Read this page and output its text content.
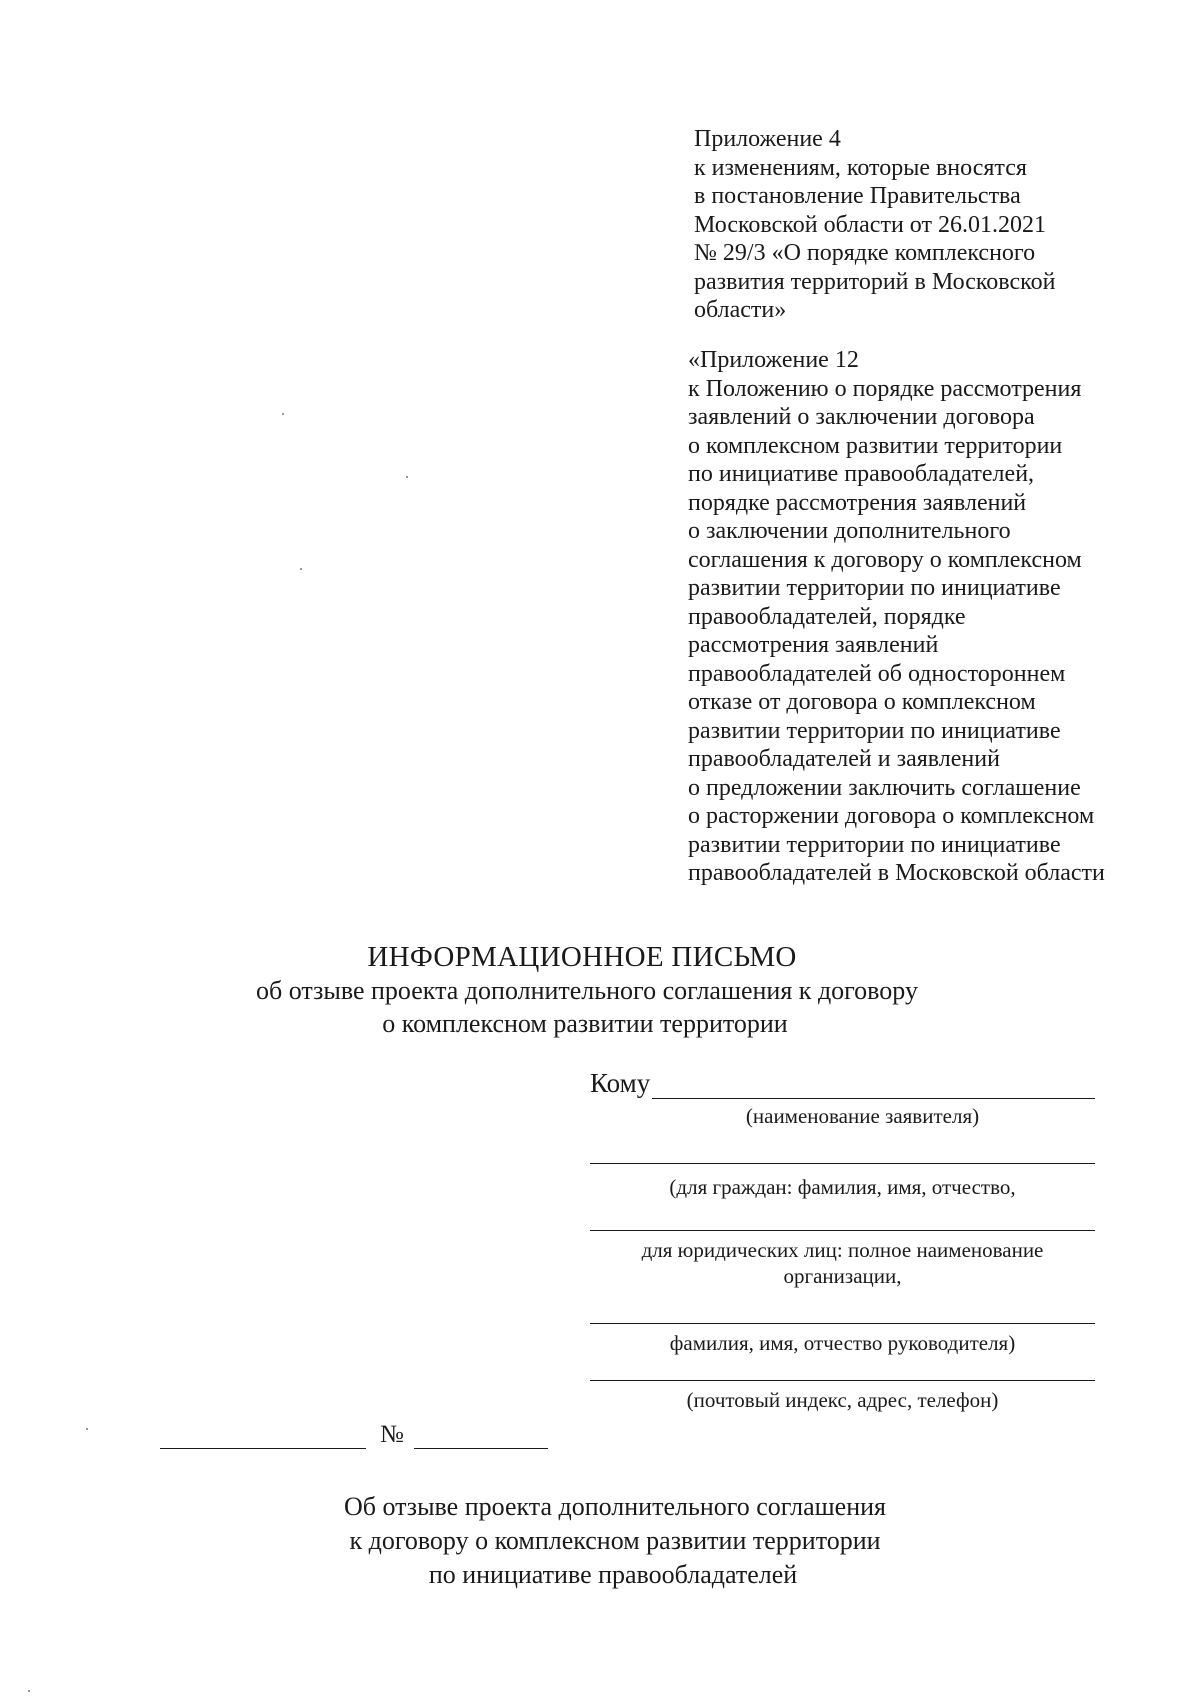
Приложение 4
к изменениям, которые вносятся
в постановление Правительства
Московской области от 26.01.2021
№ 29/3 «О порядке комплексного
развития территорий в Московской
области»
«Приложение 12
к Положению о порядке рассмотрения
заявлений о заключении договора
о комплексном развитии территории
по инициативе правообладателей,
порядке рассмотрения заявлений
о заключении дополнительного
соглашения к договору о комплексном
развитии территории по инициативе
правообладателей, порядке
рассмотрения заявлений
правообладателей об одностороннем
отказе от договора о комплексном
развитии территории по инициативе
правообладателей и заявлений
о предложении заключить соглашение
о расторжении договора о комплексном
развитии территории по инициативе
правообладателей в Московской области
ИНФОРМАЦИОННОЕ ПИСЬМО
об отзыве проекта дополнительного соглашения к договору
о комплексном развитии территории
Кому
(наименование заявителя)
(для граждан: фамилия, имя, отчество,
для юридических лиц: полное наименование
организации,
фамилия, имя, отчество руководителя)
(почтовый индекс, адрес, телефон)
№
Об отзыве проекта дополнительного соглашения
к договору о комплексном развитии территории
по инициативе правообладателей
